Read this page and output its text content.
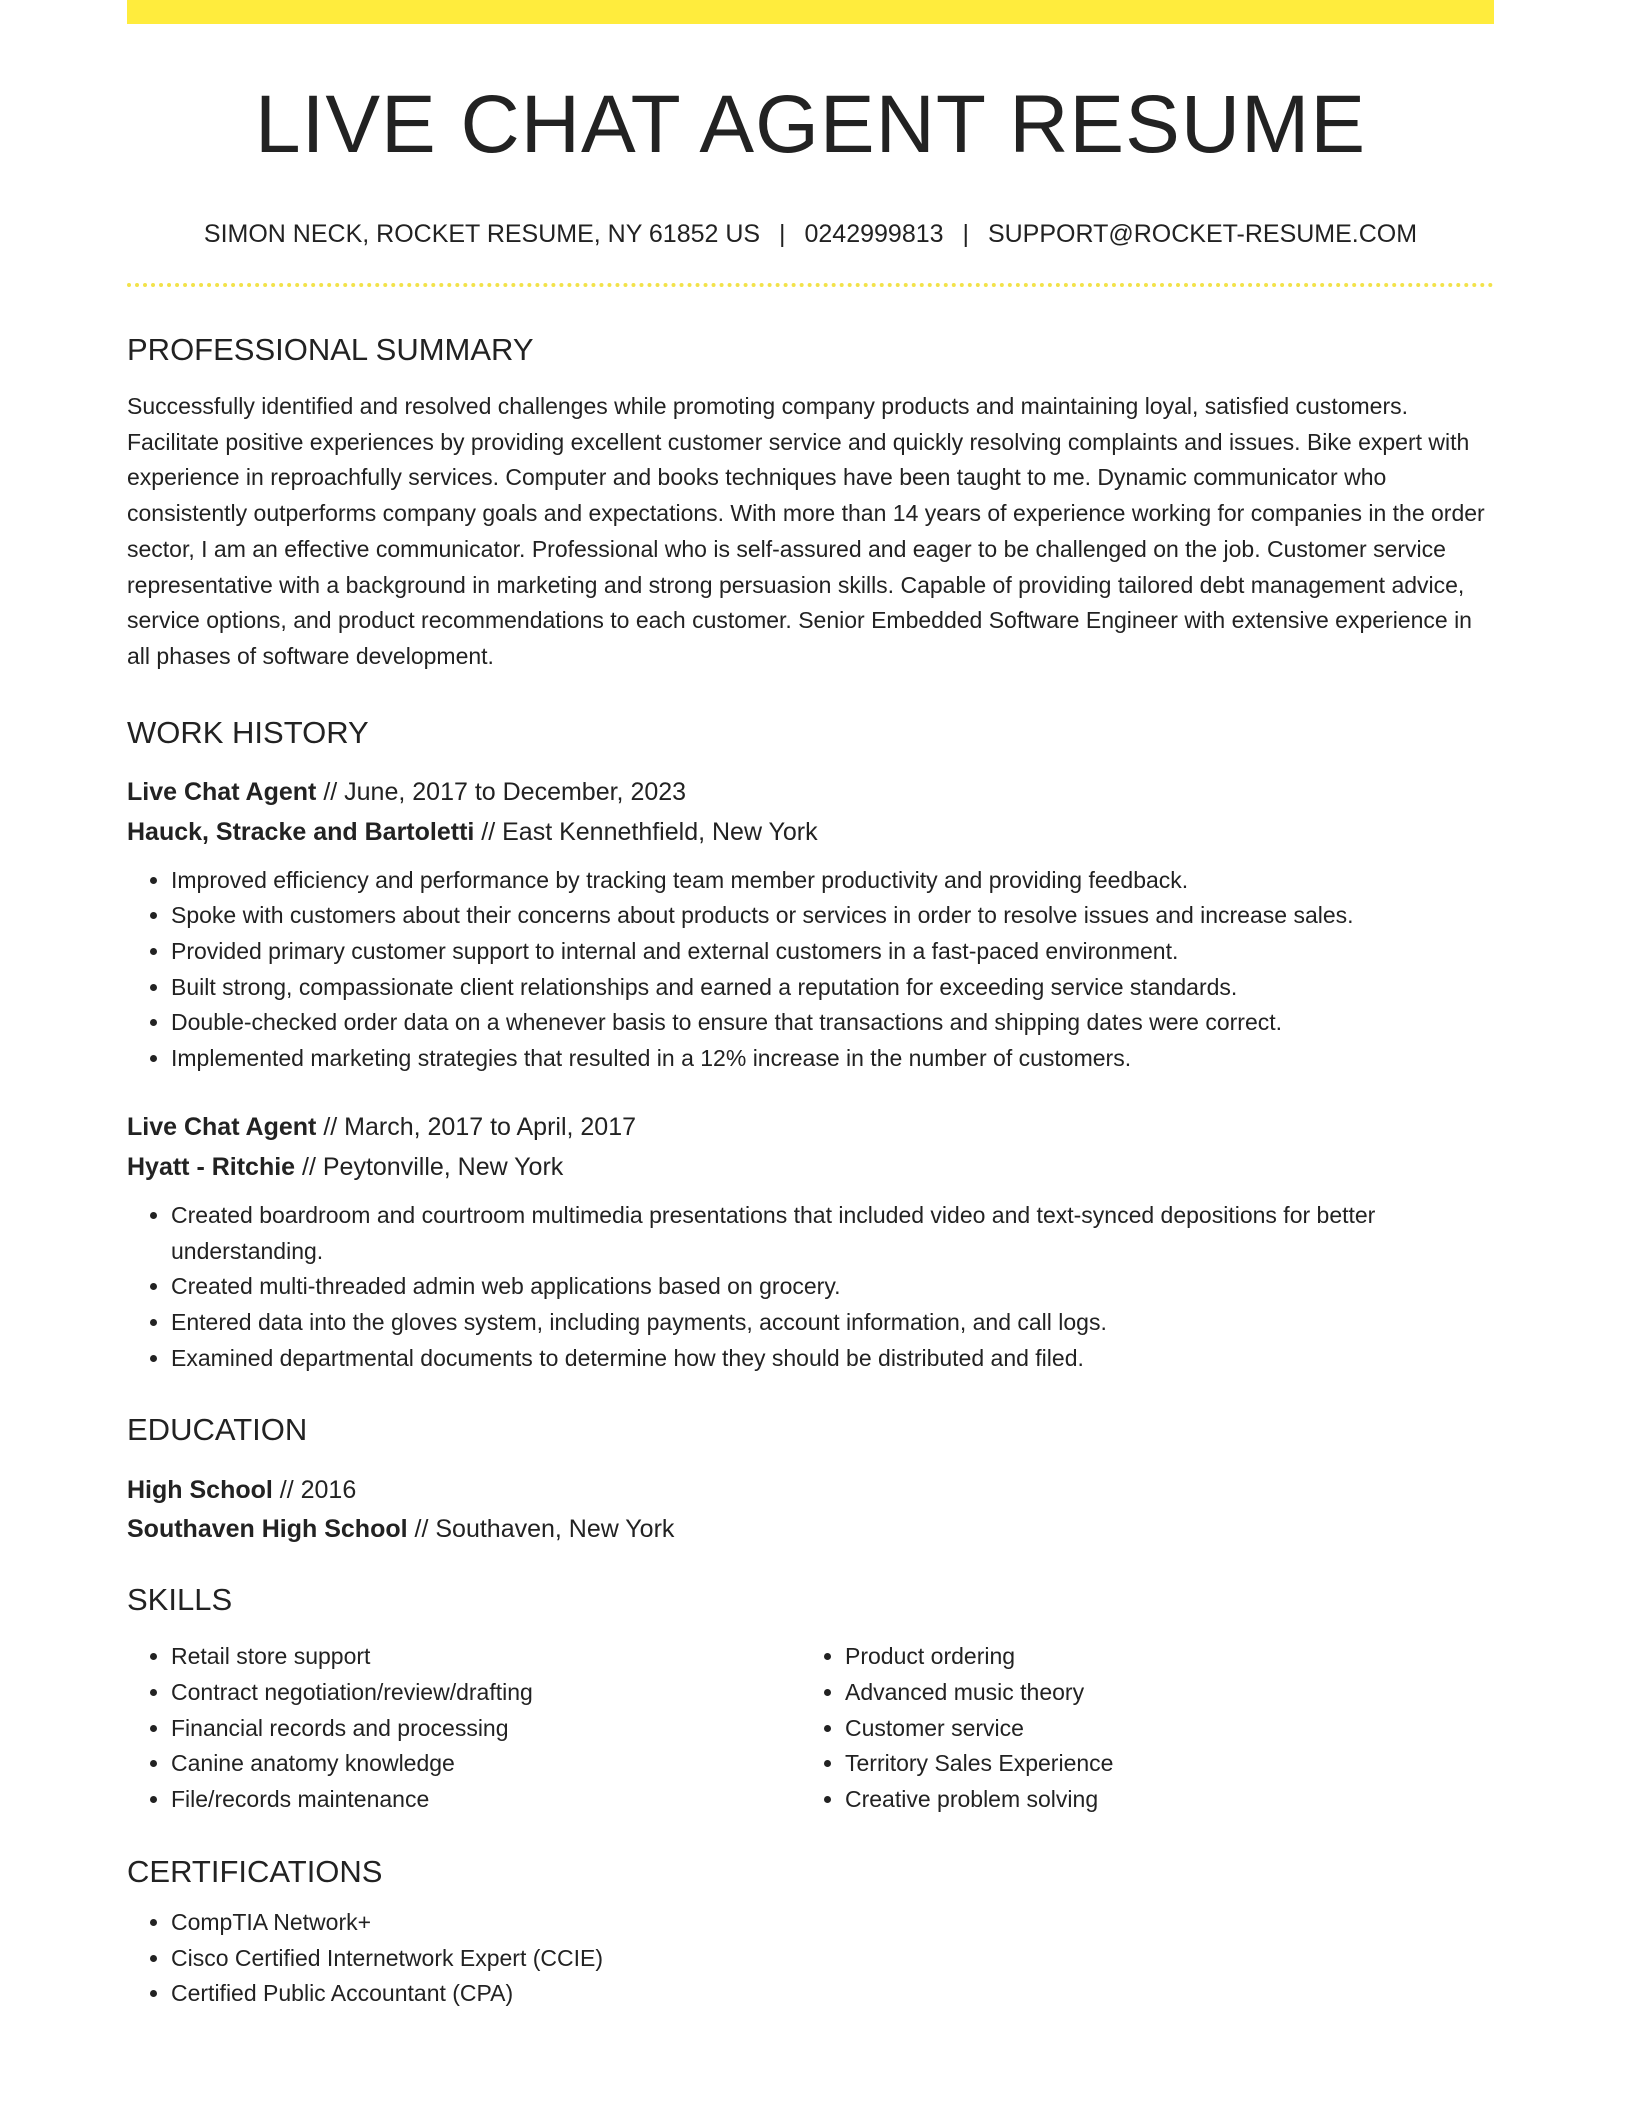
LIVE CHAT AGENT RESUME
SIMON NECK, ROCKET RESUME, NY 61852 US | 0242999813 | SUPPORT@ROCKET-RESUME.COM
PROFESSIONAL SUMMARY

Successfully identified and resolved challenges while promoting company products and maintaining loyal, satisfied customers. Facilitate positive experiences by providing excellent customer service and quickly resolving complaints and issues. Bike expert with experience in reproachfully services. Computer and books techniques have been taught to me. Dynamic communicator who consistently outperforms company goals and expectations. With more than 14 years of experience working for companies in the order sector, I am an effective communicator. Professional who is self-assured and eager to be challenged on the job. Customer service representative with a background in marketing and strong persuasion skills. Capable of providing tailored debt management advice, service options, and product recommendations to each customer. Senior Embedded Software Engineer with extensive experience in all phases of software development.

WORK HISTORY
Live Chat Agent // June, 2017 to December, 2023
Hauck, Stracke and Bartoletti // East Kennethfield, New York
• Improved efficiency and performance by tracking team member productivity and providing feedback.
• Spoke with customers about their concerns about products or services in order to resolve issues and increase sales.
• Provided primary customer support to internal and external customers in a fast-paced environment.
• Built strong, compassionate client relationships and earned a reputation for exceeding service standards.
• Double-checked order data on a whenever basis to ensure that transactions and shipping dates were correct.
• Implemented marketing strategies that resulted in a 12% increase in the number of customers.
Live Chat Agent // March, 2017 to April, 2017
Hyatt - Ritchie // Peytonville, New York
• Created boardroom and courtroom multimedia presentations that included video and text-synced depositions for better understanding.
• Created multi-threaded admin web applications based on grocery.
• Entered data into the gloves system, including payments, account information, and call logs.
• Examined departmental documents to determine how they should be distributed and filed.
EDUCATION
High School // 2016
Southaven High School // Southaven, New York
SKILLS
• Retail store support
• Contract negotiation/review/drafting
• Financial records and processing
• Canine anatomy knowledge
• File/records maintenance
• Product ordering
• Advanced music theory
• Customer service
• Territory Sales Experience
• Creative problem solving
CERTIFICATIONS
• CompTIA Network+
• Cisco Certified Internetwork Expert (CCIE)
• Certified Public Accountant (CPA)
